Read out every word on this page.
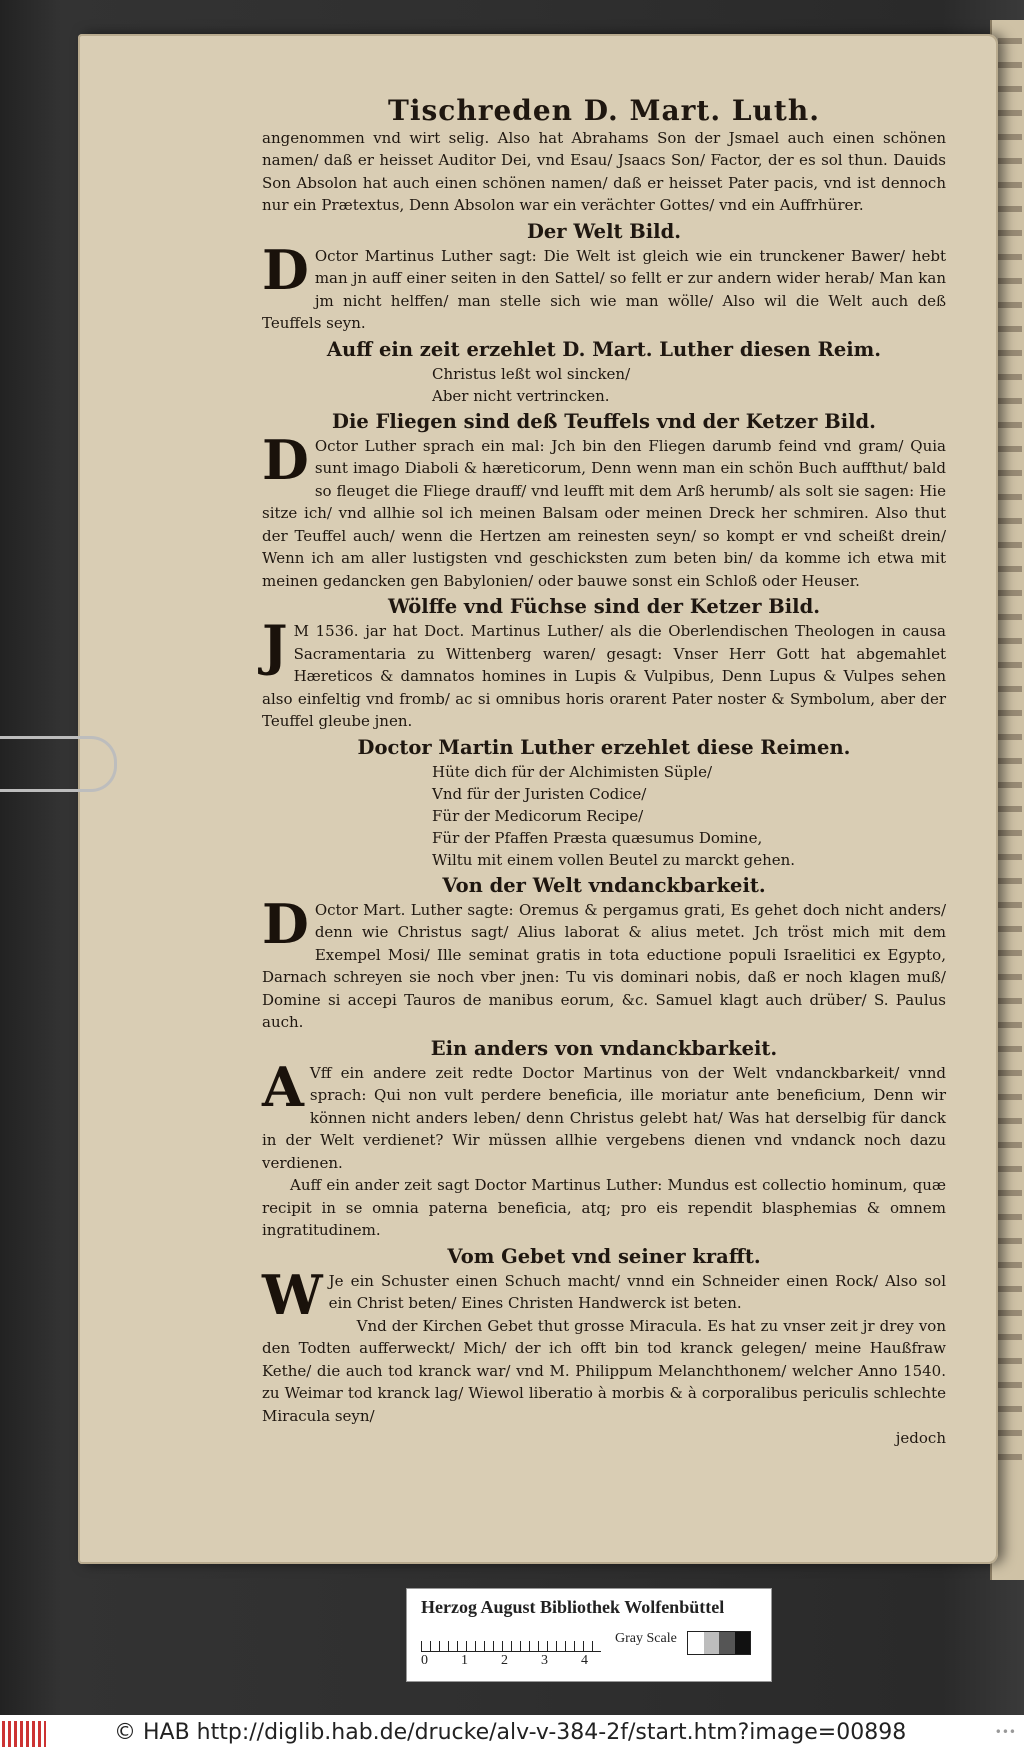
Tischreden D. Mart. Luth.

angenommen vnd wirt selig. Also hat Abrahams Son der Jsmael auch einen schönen namen/ daß er heisset Auditor Dei, vnd Esau/ Jsaacs Son/ Factor, der es sol thun. Dauids Son Absolon hat auch einen schönen namen/ daß er heisset Pater pacis, vnd ist dennoch nur ein Prætextus, Denn Absolon war ein verächter Gottes/ vnd ein Auffrhürer.

Der Welt Bild.

D Octor Martinus Luther sagt: Die Welt ist gleich wie ein trunckener Bawer/ hebt man jn auff einer seiten in den Sattel/ so fellt er zur andern wider herab/ Man kan jm nicht helffen/ man stelle sich wie man wölle/ Also wil die Welt auch deß Teuffels seyn.

Auff ein zeit erzehlet D. Mart. Luther diesen Reim.
Christus leßt wol sincken/
Aber nicht vertrincken.
Die Fliegen sind deß Teuffels vnd der Ketzer Bild.

D Octor Luther sprach ein mal: Jch bin den Fliegen darumb feind vnd gram/ Quia sunt imago Diaboli & hæreticorum, Denn wenn man ein schön Buch auffthut/ bald so fleuget die Fliege drauff/ vnd leufft mit dem Arß herumb/ als solt sie sagen: Hie sitze ich/ vnd allhie sol ich meinen Balsam oder meinen Dreck her schmiren. Also thut der Teuffel auch/ wenn die Hertzen am reinesten seyn/ so kompt er vnd scheißt drein/ Wenn ich am aller lustigsten vnd geschicksten zum beten bin/ da komme ich etwa mit meinen gedancken gen Babylonien/ oder bauwe sonst ein Schloß oder Heuser.

Wölffe vnd Füchse sind der Ketzer Bild.

J M 1536. jar hat Doct. Martinus Luther/ als die Oberlendischen Theologen in causa Sacramentaria zu Wittenberg waren/ gesagt: Vnser Herr Gott hat abgemahlet Hæreticos & damnatos homines in Lupis & Vulpibus, Denn Lupus & Vulpes sehen also einfeltig vnd fromb/ ac si omnibus horis orarent Pater noster & Symbolum, aber der Teuffel gleube jnen.

Doctor Martin Luther erzehlet diese Reimen.
Hüte dich für der Alchimisten Süple/
Vnd für der Juristen Codice/
Für der Medicorum Recipe/
Für der Pfaffen Præsta quæsumus Domine,
Wiltu mit einem vollen Beutel zu marckt gehen.
Von der Welt vndanckbarkeit.

D Octor Mart. Luther sagte: Oremus & pergamus grati, Es gehet doch nicht anders/ denn wie Christus sagt/ Alius laborat & alius metet. Jch tröst mich mit dem Exempel Mosi/ Ille seminat gratis in tota eductione populi Israelitici ex Egypto, Darnach schreyen sie noch vber jnen: Tu vis dominari nobis, daß er noch klagen muß/ Domine si accepi Tauros de manibus eorum, &c. Samuel klagt auch drüber/ S. Paulus auch.

Ein anders von vndanckbarkeit.

A Vff ein andere zeit redte Doctor Martinus von der Welt vndanckbarkeit/ vnnd sprach: Qui non vult perdere beneficia, ille moriatur ante beneficium, Denn wir können nicht anders leben/ denn Christus gelebt hat/ Was hat derselbig für danck in der Welt verdienet? Wir müssen allhie vergebens dienen vnd vndanck noch dazu verdienen.

Auff ein ander zeit sagt Doctor Martinus Luther: Mundus est collectio hominum, quæ recipit in se omnia paterna beneficia, atq; pro eis rependit blasphemias & omnem ingratitudinem.

Vom Gebet vnd seiner krafft.

W Je ein Schuster einen Schuch macht/ vnnd ein Schneider einen Rock/ Also sol ein Christ beten/ Eines Christen Handwerck ist beten.

Vnd der Kirchen Gebet thut grosse Miracula. Es hat zu vnser zeit jr drey von den Todten aufferweckt/ Mich/ der ich offt bin tod kranck gelegen/ meine Haußfraw Kethe/ die auch tod kranck war/ vnd M. Philippum Melanchthonem/ welcher Anno 1540. zu Weimar tod kranck lag/ Wiewol liberatio à morbis & à corporalibus periculis schlechte Miracula seyn/

jedoch
Herzog August Bibliothek Wolfenbüttel
0 1 2 3 4
Gray Scale
© HAB http://diglib.hab.de/drucke/alv-v-384-2f/start.htm?image=00898	•••
